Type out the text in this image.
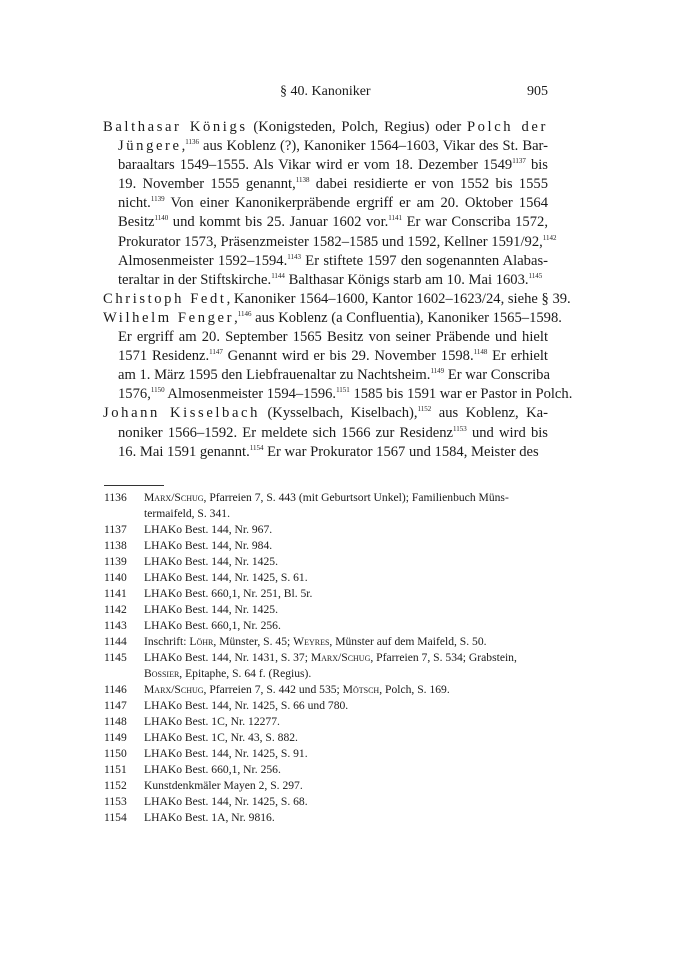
§ 40. Kanoniker	905
Balthasar Königs (Konigsteden, Polch, Regius) oder Polch der
Jüngere,$^{1136}$ aus Koblenz (?), Kanoniker 1564–1603, Vikar des St. Bar-
baraaltars 1549–1555. Als Vikar wird er vom 18. Dezember $1549^{1137}$ bis
19. November 1555 genannt,$^{1138}$ dabei residierte er von 1552 bis 1555
nicht.$^{1139}$ Von einer Kanonikerpräbende ergriff er am 20. Oktober 1564
Besitz$^{1140}$ und kommt bis 25. Januar 1602 vor.$^{1141}$ Er war Conscriba 1572,
Prokurator 1573, Präsenzmeister 1582–1585 und 1592, Kellner 1591/92,$^{1142}$
Almosenmeister 1592–1594.$^{1143}$ Er stiftete 1597 den sogenannten Alabas-
teraltar in der Stiftskirche.$^{1144}$ Balthasar Königs starb am 10. Mai 1603.$^{1145}$
Christoph Fedt, Kanoniker 1564–1600, Kantor 1602–1623/24, siehe § 39.
Wilhelm Fenger,$^{1146}$ aus Koblenz (a Confluentia), Kanoniker 1565–1598.
Er ergriff am 20. September 1565 Besitz von seiner Präbende und hielt
1571 Residenz.$^{1147}$ Genannt wird er bis 29. November 1598.$^{1148}$ Er erhielt
am 1. März 1595 den Liebfrauenaltar zu Nachtsheim.$^{1149}$ Er war Conscriba
1576,$^{1150}$ Almosenmeister 1594–1596.$^{1151}$ 1585 bis 1591 war er Pastor in Polch.
Johann Kisselbach (Kysselbach, Kiselbach),$^{1152}$ aus Koblenz, Ka-
noniker 1566–1592. Er meldete sich 1566 zur Residenz$^{1153}$ und wird bis
16. Mai 1591 genannt.$^{1154}$ Er war Prokurator 1567 und 1584, Meister des
1136	Marx/Schug, Pfarreien 7, S. 443 (mit Geburtsort Unkel); Familienbuch Müns-termaifeld, S. 341.
1137	LHAKo Best. 144, Nr. 967.
1138	LHAKo Best. 144, Nr. 984.
1139	LHAKo Best. 144, Nr. 1425.
1140	LHAKo Best. 144, Nr. 1425, S. 61.
1141	LHAKo Best. 660,1, Nr. 251, Bl. 5r.
1142	LHAKo Best. 144, Nr. 1425.
1143	LHAKo Best. 660,1, Nr. 256.
1144	Inschrift: Löhr, Münster, S. 45; Weyres, Münster auf dem Maifeld, S. 50.
1145	LHAKo Best. 144, Nr. 1431, S. 37; Marx/Schug, Pfarreien 7, S. 534; Grabstein, Bossier, Epitaphe, S. 64 f. (Regius).
1146	Marx/Schug, Pfarreien 7, S. 442 und 535; Mötsch, Polch, S. 169.
1147	LHAKo Best. 144, Nr. 1425, S. 66 und 780.
1148	LHAKo Best. 1C, Nr. 12277.
1149	LHAKo Best. 1C, Nr. 43, S. 882.
1150	LHAKo Best. 144, Nr. 1425, S. 91.
1151	LHAKo Best. 660,1, Nr. 256.
1152	Kunstdenkmäler Mayen 2, S. 297.
1153	LHAKo Best. 144, Nr. 1425, S. 68.
1154	LHAKo Best. 1A, Nr. 9816.
